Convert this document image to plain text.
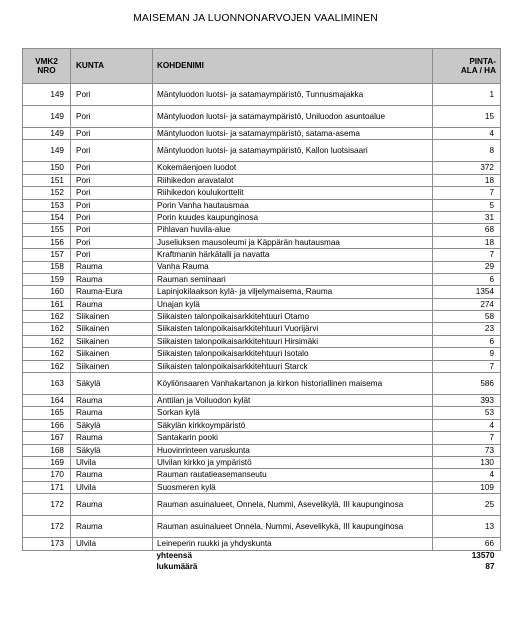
MAISEMAN JA LUONNONARVOJEN VAALIMINEN
VMK2
NRO	KUNTA	KOHDENIMI	PINTA-
ALA / HA

149	Pori	Mäntyluodon luotsi- ja satamaympäristö, Tunnusmajakka	1
149	Pori	Mäntyluodon luotsi- ja satamaympäristö, Uniluodon asuntoalue	15
149	Pori	Mäntyluodon luotsi- ja satamaympäristö, satama-asema	4
149	Pori	Mäntyluodon luotsi- ja satamaympäristö, Kallon luotsisaari	8
150	Pori	Kokemäenjoen luodot	372
151	Pori	Riihikedon aravatalot	18
152	Pori	Riihikedon koulukorttelit	7
153	Pori	Porin Vanha hautausmaa	5
154	Pori	Porin kuudes kaupunginosa	31
155	Pori	Pihlavan huvila-alue	68
156	Pori	Juseliuksen mausoleumi ja Käppärän hautausmaa	18
157	Pori	Kraftmanin härkätalli ja navatta	7
158	Rauma	Vanha Rauma	29
159	Rauma	Rauman seminaari	6
160	Rauma-Eura	Lapinjokilaakson kylä- ja viljelymaisema, Rauma	1354
161	Rauma	Unajan kylä	274
162	Siikainen	Siikaisten talonpoikaisarkkitehtuuri Otamo	58
162	Siikainen	Siikaisten talonpoikaisarkkitehtuuri Vuorijärvi	23
162	Siikainen	Siikaisten talonpoikaisarkkitehtuuri Hirsimäki	6
162	Siikainen	Siikaisten talonpoikaisarkkitehtuuri Isotalo	9
162	Siikainen	Siikaisten talonpoikaisarkkitehtuuri Starck	7
163	Säkylä	Köyliönsaaren Vanhakartanon ja kirkon historiallinen maisema	586
164	Rauma	Anttilan ja Voiluodon kylät	393
165	Rauma	Sorkan kylä	53
166	Säkylä	Säkylän kirkkoympäristö	4
167	Rauma	Santakarin pooki	7
168	Säkylä	Huovinrinteen varuskunta	73
169	Ulvila	Ulvilan kirkko ja ympäristö	130
170	Rauma	Rauman rautatieasemanseutu	4
171	Ulvila	Suosmeren kylä	109
172	Rauma	Rauman asuinalueet, Onnela, Nummi, Asevelikylä, III kaupunginosa	25
172	Rauma	Rauman asuinalueet Onnela, Nummi, Asevelikykä, III kaupunginosa	13
173	Ulvila	Leineperin ruukki ja yhdyskunta	66
		yhteensä	13570
		lukumäärä	87
